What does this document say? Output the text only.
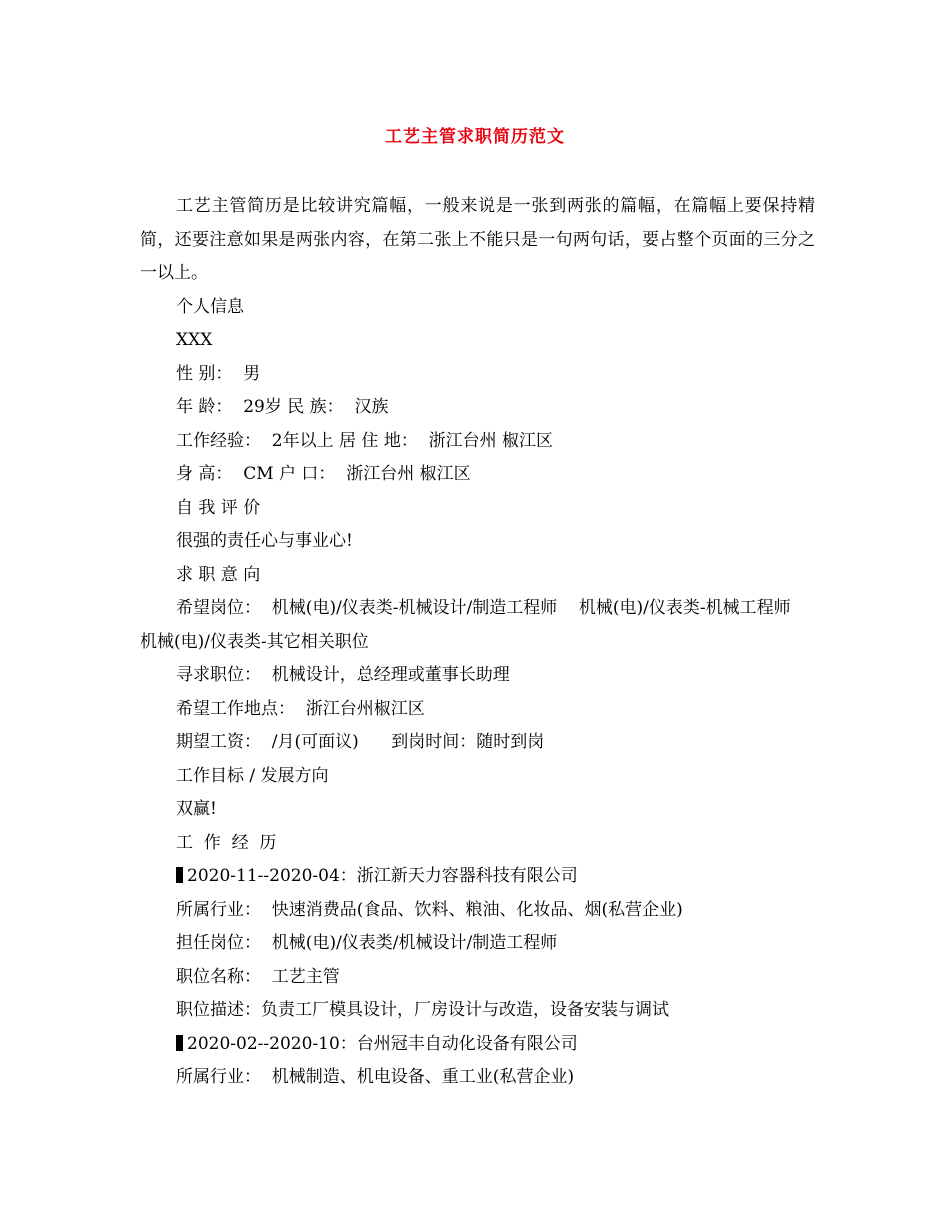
工艺主管求职简历范文

工艺主管简历是比较讲究篇幅，一般来说是一张到两张的篇幅，在篇幅上要保持精简，还要注意如果是两张内容，在第二张上不能只是一句两句话，要占整个页面的三分之一以上。

个人信息

XXX

性 别：  男

年 龄：  29岁 民 族：  汉族

工作经验：  2年以上 居 住 地：  浙江台州 椒江区

身 高：  CM 户 口：  浙江台州 椒江区

自 我 评 价

很强的责任心与事业心!

求 职 意 向

希望岗位：  机械(电)/仪表类-机械设计/制造工程师    机械(电)/仪表类-机械工程师    机械(电)/仪表类-其它相关职位

寻求职位：  机械设计，总经理或董事长助理

希望工作地点：  浙江台州椒江区

期望工资：  /月(可面议)      到岗时间：随时到岗

工作目标 / 发展方向

双赢!

工  作  经  历

2020-11--2020-04：浙江新天力容器科技有限公司

所属行业：  快速消费品(食品、饮料、粮油、化妆品、烟(私营企业)

担任岗位：  机械(电)/仪表类/机械设计/制造工程师

职位名称：  工艺主管

职位描述：负责工厂模具设计，厂房设计与改造，设备安装与调试

2020-02--2020-10：台州冠丰自动化设备有限公司

所属行业：  机械制造、机电设备、重工业(私营企业)
